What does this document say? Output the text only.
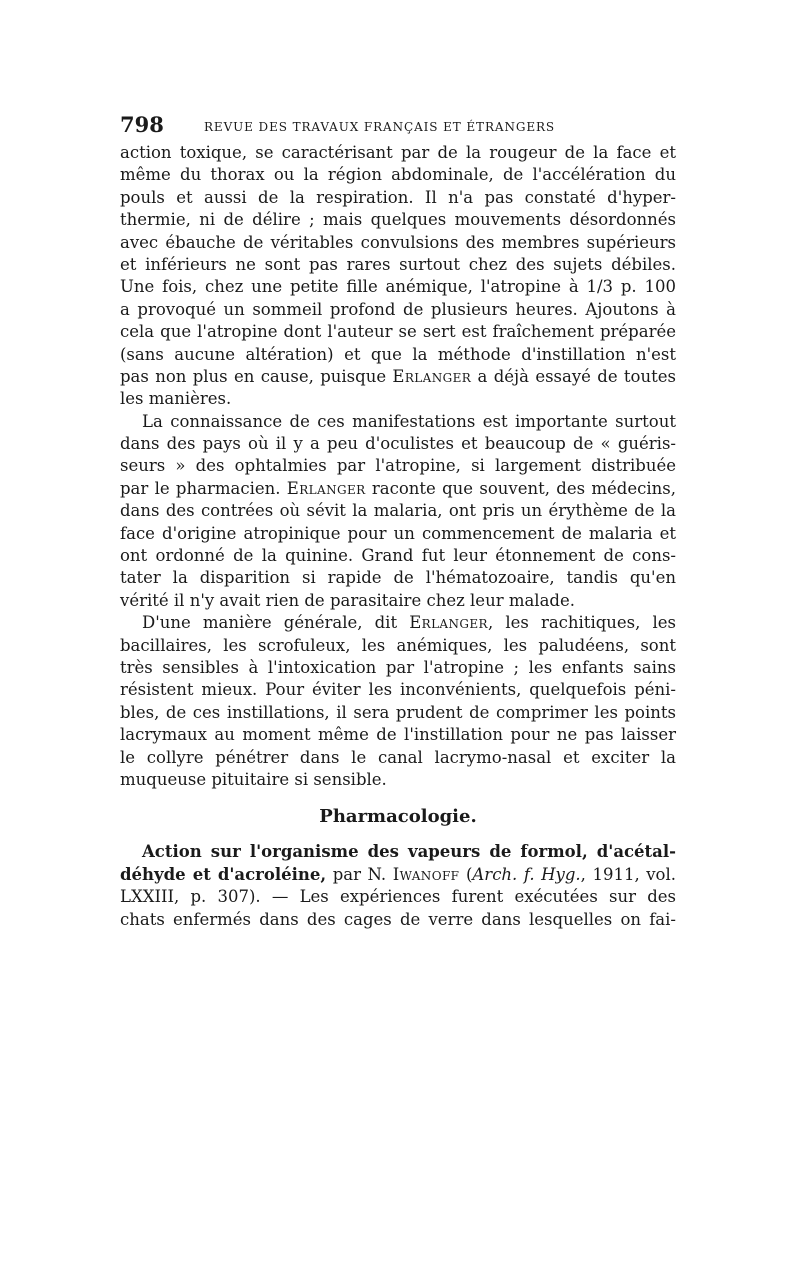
798	REVUE DES TRAVAUX FRANÇAIS ET ÉTRANGERS
action toxique, se caractérisant par de la rougeur de la face et
même du thorax ou la région abdominale, de l'accélération du
pouls et aussi de la respiration. Il n'a pas constaté d'hyper-
thermie, ni de délire ; mais quelques mouvements désordonnés
avec ébauche de véritables convulsions des membres supérieurs
et inférieurs ne sont pas rares surtout chez des sujets débiles.
Une fois, chez une petite fille anémique, l'atropine à 1/3 p. 100
a provoqué un sommeil profond de plusieurs heures. Ajoutons à
cela que l'atropine dont l'auteur se sert est fraîchement préparée
(sans aucune altération) et que la méthode d'instillation n'est
pas non plus en cause, puisque Erlanger a déjà essayé de toutes
les manières.
La connaissance de ces manifestations est importante surtout
dans des pays où il y a peu d'oculistes et beaucoup de « guéris-
seurs » des ophtalmies par l'atropine, si largement distribuée
par le pharmacien. Erlanger raconte que souvent, des médecins,
dans des contrées où sévit la malaria, ont pris un érythème de la
face d'origine atropinique pour un commencement de malaria et
ont ordonné de la quinine. Grand fut leur étonnement de cons-
tater la disparition si rapide de l'hématozoaire, tandis qu'en
vérité il n'y avait rien de parasitaire chez leur malade.
D'une manière générale, dit Erlanger, les rachitiques, les
bacillaires, les scrofuleux, les anémiques, les paludéens, sont
très sensibles à l'intoxication par l'atropine ; les enfants sains
résistent mieux. Pour éviter les inconvénients, quelquefois péni-
bles, de ces instillations, il sera prudent de comprimer les points
lacrymaux au moment même de l'instillation pour ne pas laisser
le collyre pénétrer dans le canal lacrymo-nasal et exciter la
muqueuse pituitaire si sensible.
Pharmacologie.
Action sur l'organisme des vapeurs de formol, d'acétal-
déhyde et d'acroléine, par N. Iwanoff (Arch. f. Hyg., 1911, vol.
LXXIII, p. 307). — Les expériences furent exécutées sur des
chats enfermés dans des cages de verre dans lesquelles on fai-
